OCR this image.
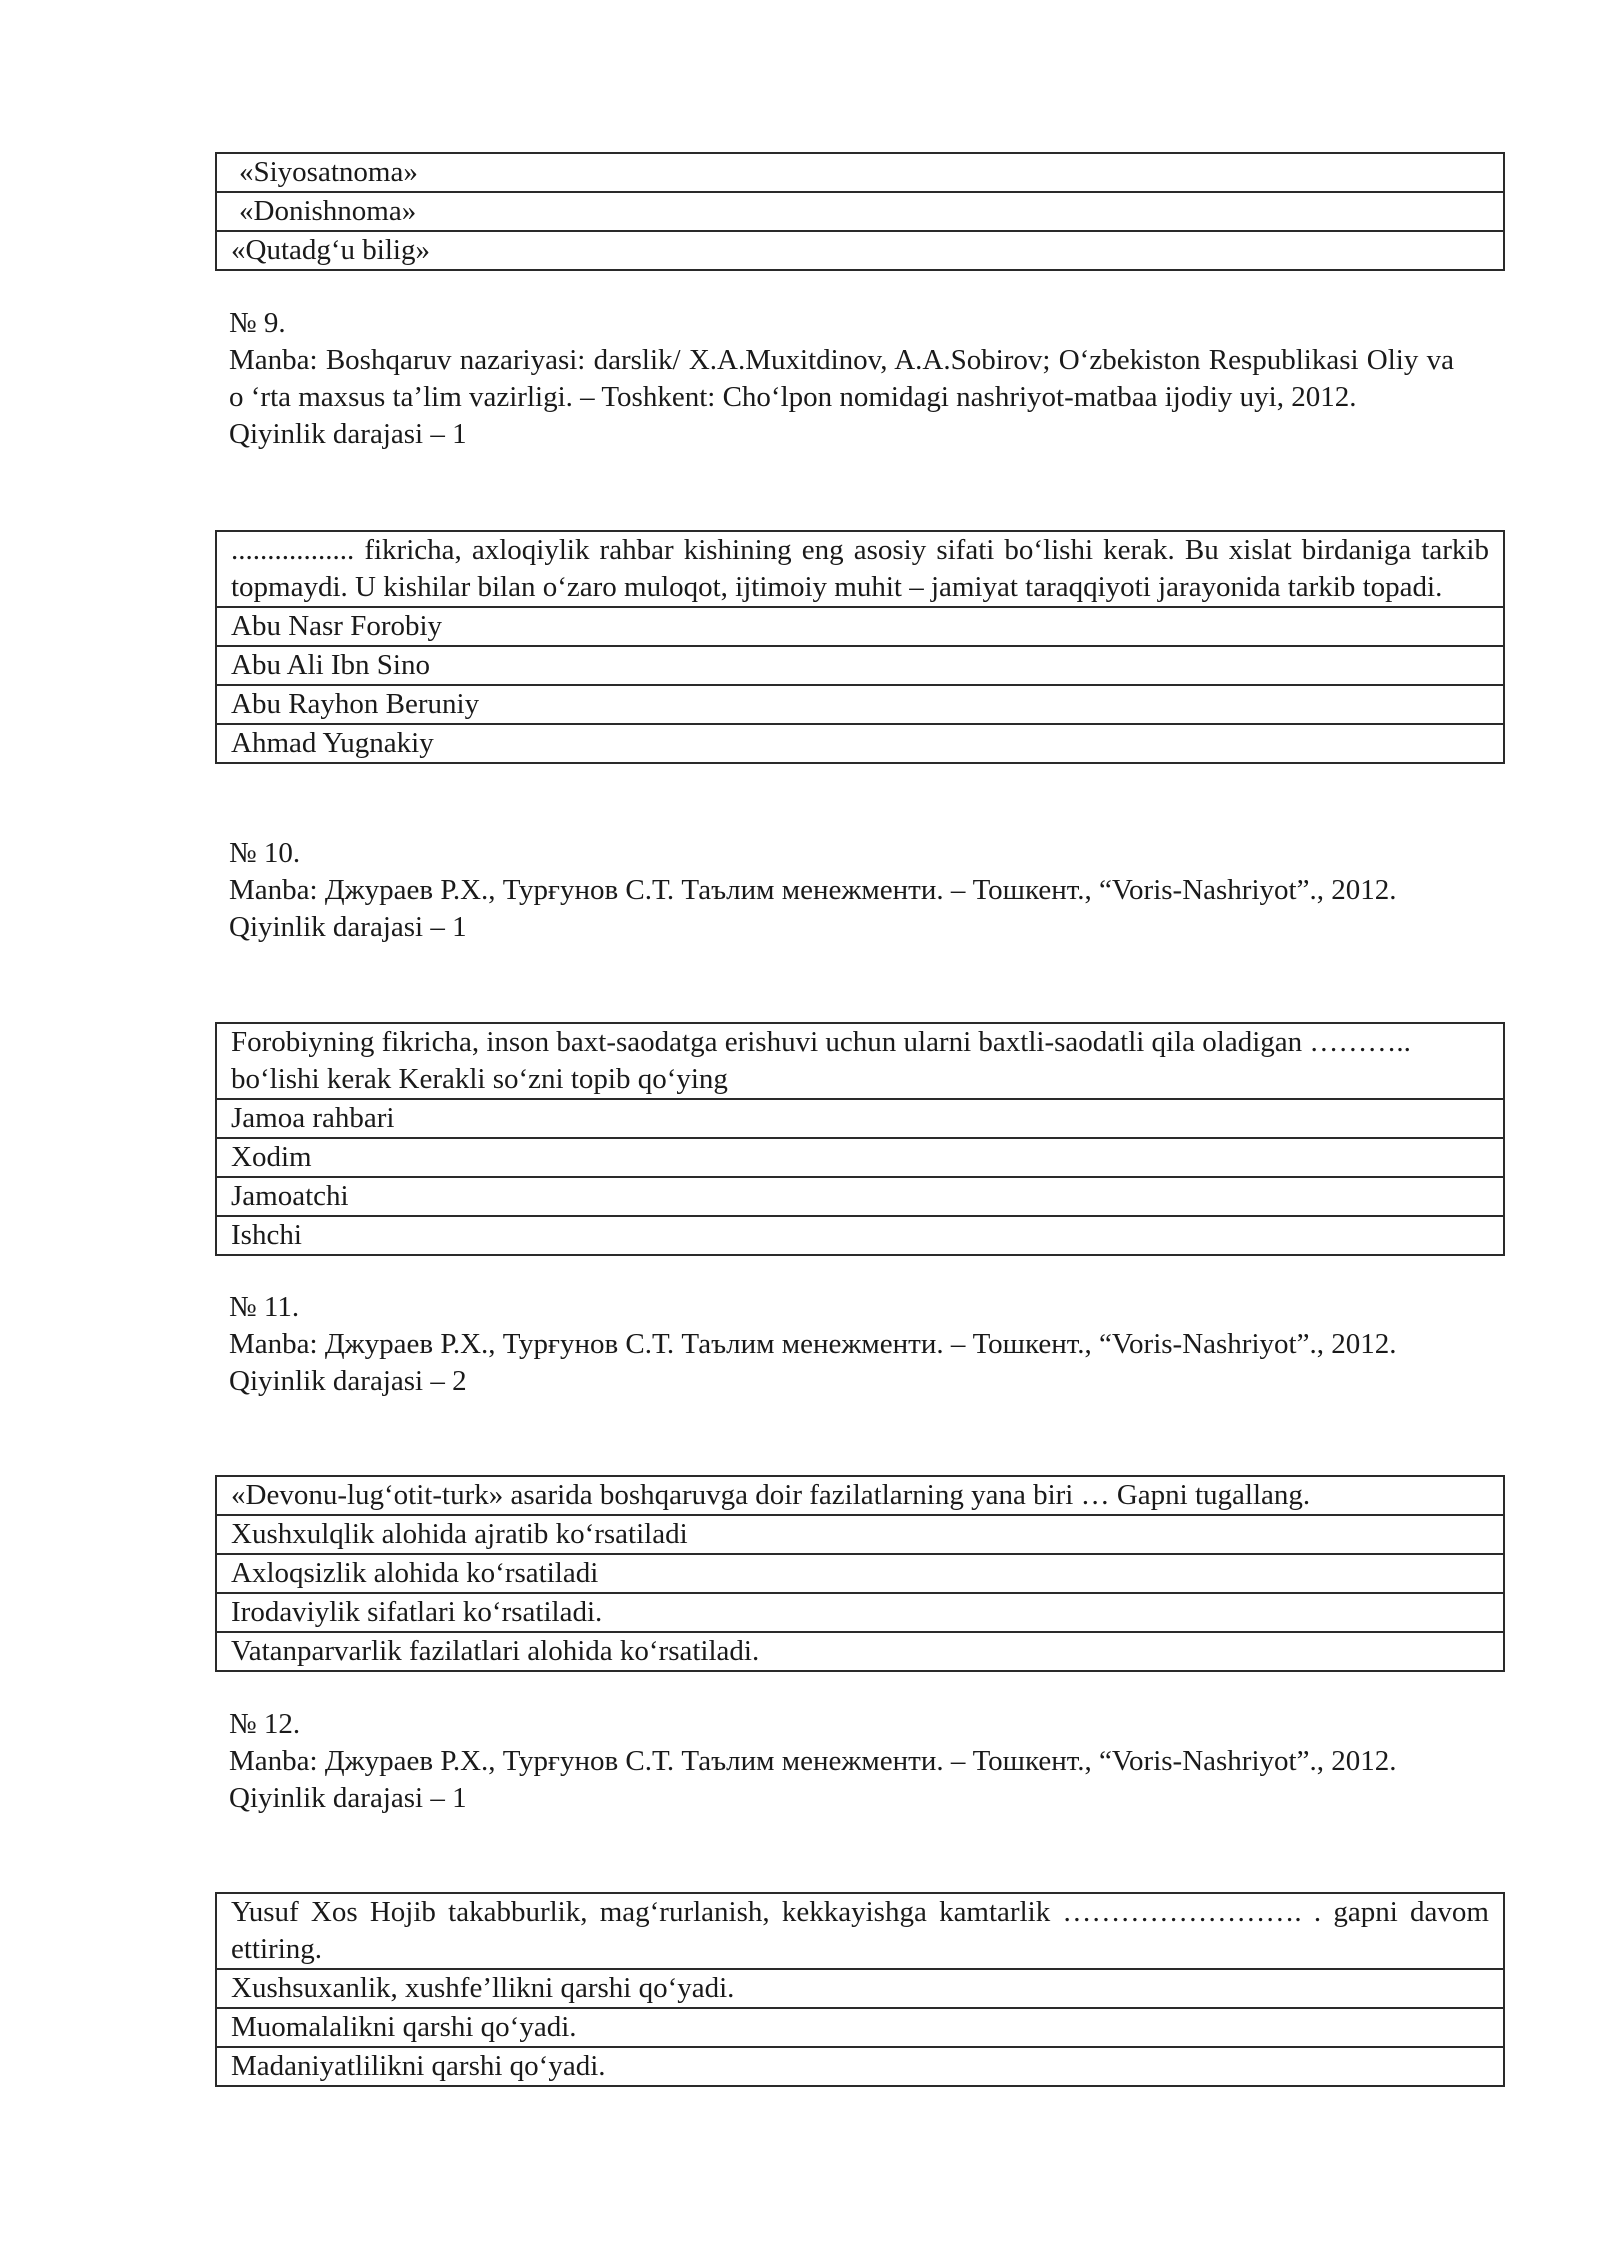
«Siyosatnoma»
«Donishnoma»
«Qutadg‘u bilig»

№ 9.

Manba: Boshqaruv nazariyasi: darslik/ X.A.Muxitdinov, A.A.Sobirov; O‘zbekiston Respublikasi Oliy va o ‘rta maxsus ta’lim vazirligi. – Toshkent: Cho‘lpon nomidagi nashriyot-matbaa ijodiy uyi, 2012.

Qiyinlik darajasi – 1

................. fikricha, axloqiylik rahbar kishining eng asosiy sifati bo‘lishi kerak. Bu xislat birdaniga tarkib topmaydi. U kishilar bilan o‘zaro muloqot, ijtimoiy muhit – jamiyat taraqqiyoti jarayonida tarkib topadi.
Abu Nasr Forobiy
Abu Ali Ibn Sino
Abu Rayhon Beruniy
Ahmad Yugnakiy

№ 10.

Manba: Джураев Р.Х., Турғунов С.Т. Таълим менежменти. – Тошкент., “Voris-Nashriyot”., 2012.

Qiyinlik darajasi – 1

Forobiyning fikricha, inson baxt-saodatga erishuvi uchun ularni baxtli-saodatli qila oladigan ……….. bo‘lishi kerak Kerakli so‘zni topib qo‘ying
Jamoa rahbari
Xodim
Jamoatchi
Ishchi

№ 11.

Manba: Джураев Р.Х., Турғунов С.Т. Таълим менежменти. – Тошкент., “Voris-Nashriyot”., 2012.

Qiyinlik darajasi – 2

«Devonu-lug‘otit-turk» asarida boshqaruvga doir fazilatlarning yana biri … Gapni tugallang.
Xushxulqlik alohida ajratib ko‘rsatiladi
Axloqsizlik alohida ko‘rsatiladi
Irodaviylik sifatlari ko‘rsatiladi.
Vatanparvarlik fazilatlari alohida ko‘rsatiladi.

№ 12.

Manba: Джураев Р.Х., Турғунов С.Т. Таълим менежменти. – Тошкент., “Voris-Nashriyot”., 2012.

Qiyinlik darajasi – 1

Yusuf Xos Hojib takabburlik, mag‘rurlanish, kekkayishga kamtarlik ……………………. . gapni davom ettiring.
Xushsuxanlik, xushfe’llikni qarshi qo‘yadi.
Muomalalikni qarshi qo‘yadi.
Madaniyatlilikni qarshi qo‘yadi.
